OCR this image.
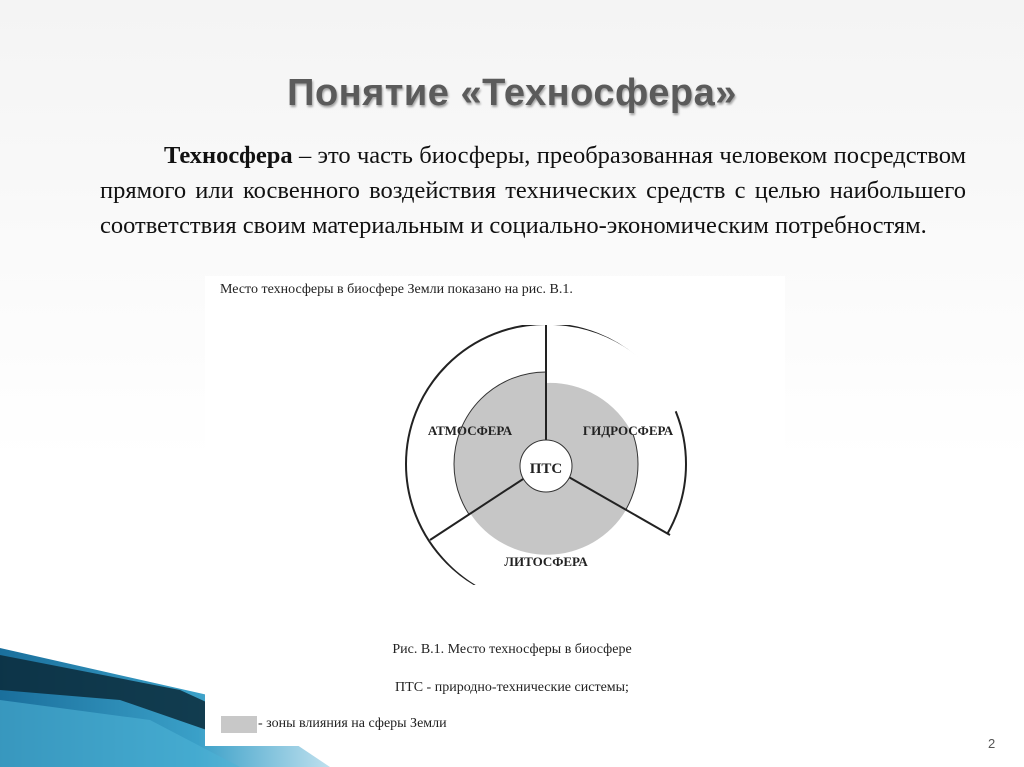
Понятие «Техносфера»
Техносфера – это часть биосферы, преобразованная человеком посредством прямого или косвенного воздействия технических средств с целью наибольшего соответствия своим материальным и социально-экономическим потребностям.
Место техносферы в биосфере Земли показано на рис. В.1.
ПТС
АТМОСФЕРА	ГИДРОСФЕРА
ЛИТОСФЕРА
Рис. В.1. Место техносферы в биосфере
ПТС - природно-технические системы;
- зоны влияния на сферы Земли
2
